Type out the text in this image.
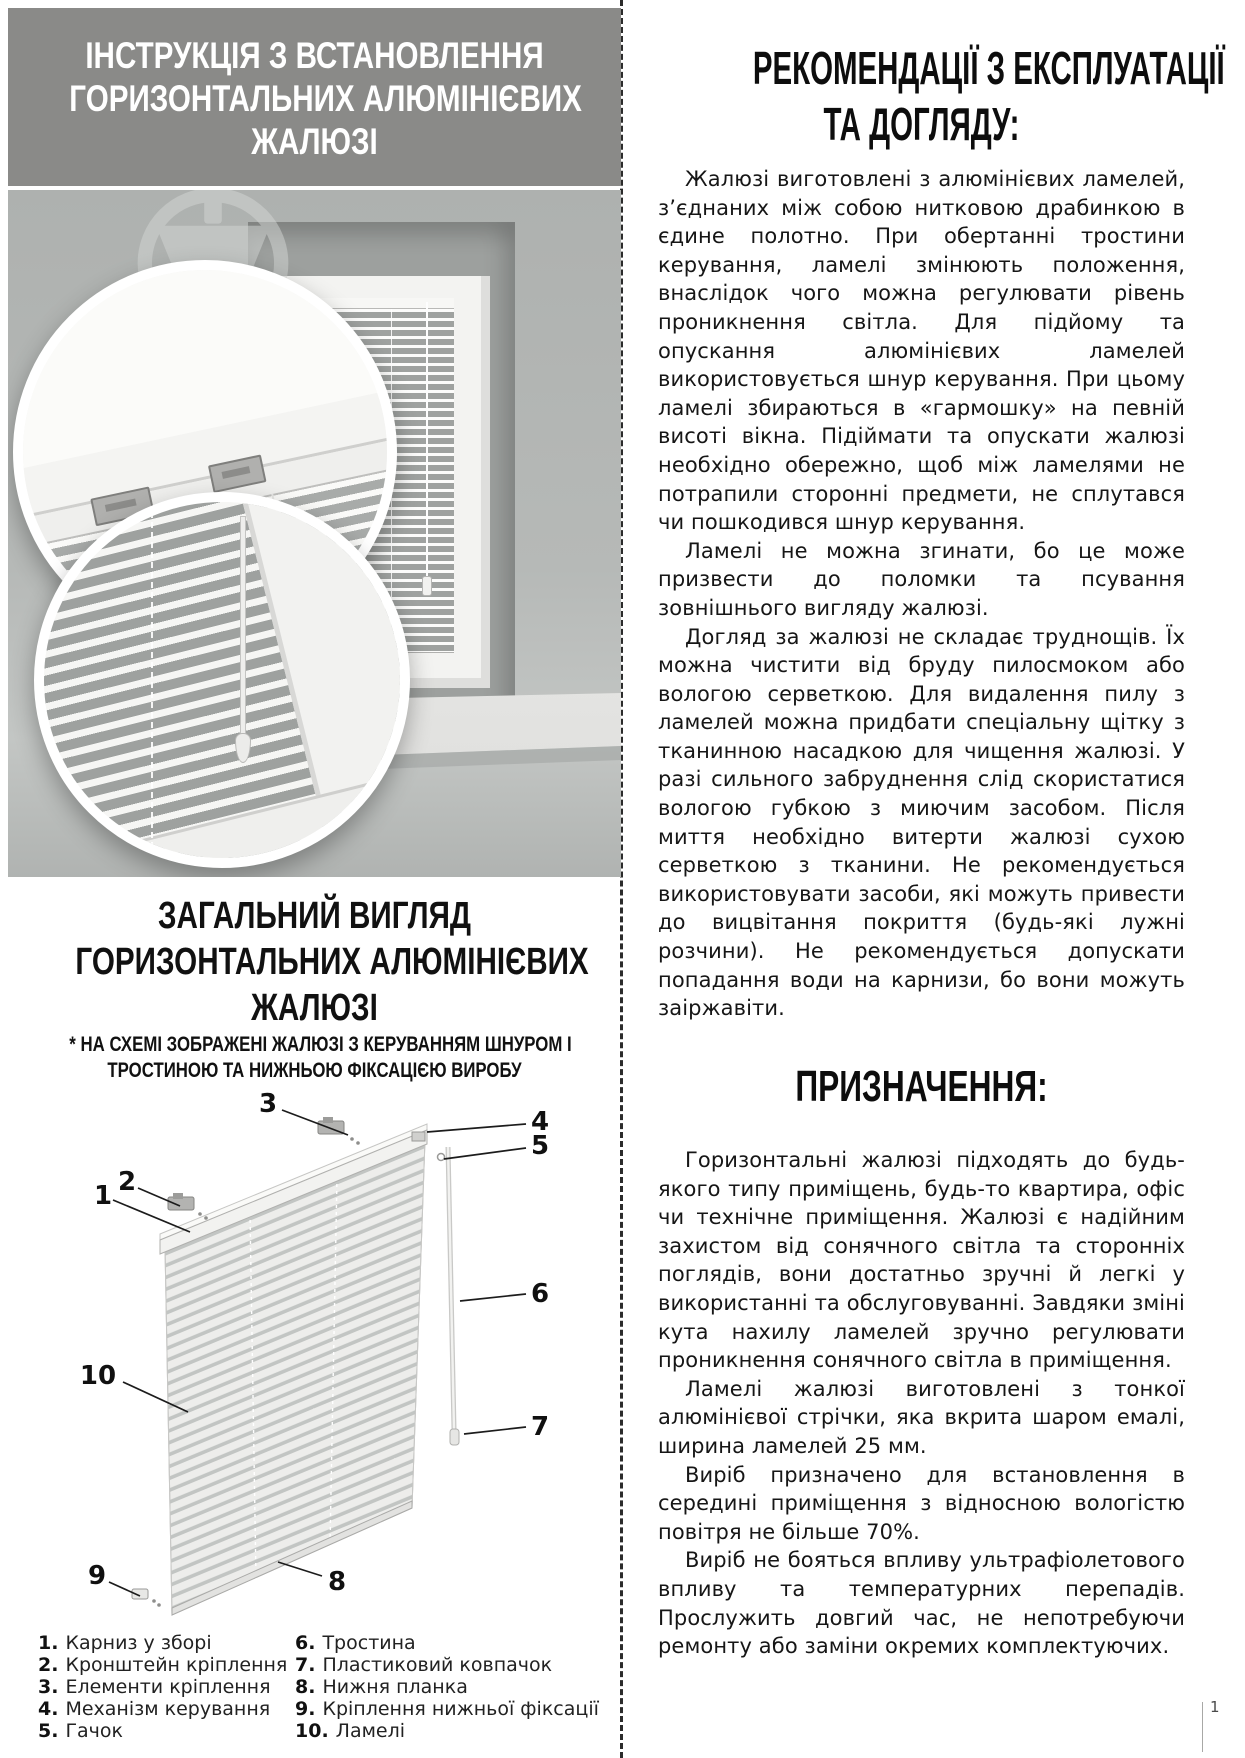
ІНСТРУКЦІЯ З ВСТАНОВЛЕННЯ
ГОРИЗОНТАЛЬНИХ АЛЮМІНІЄВИХ
ЖАЛЮЗІ
ЗАГАЛЬНИЙ ВИГЛЯД
ГОРИЗОНТАЛЬНИХ АЛЮМІНІЄВИХ
ЖАЛЮЗІ
* НА СХЕМІ ЗОБРАЖЕНІ ЖАЛЮЗІ З КЕРУВАННЯМ ШНУРОМ І
ТРОСТИНОЮ ТА НИЖНЬОЮ ФІКСАЦІЄЮ ВИРОБУ
1 2
3
4
5
6
7
8
9
10
1. Карниз у зборі
2. Кронштейн кріплення
3. Елементи кріплення
4. Механізм керування
5. Гачок
6. Тростина
7. Пластиковий ковпачок
8. Нижня планка
9. Кріплення нижньої фіксації
10. Ламелі
РЕКОМЕНДАЦІЇ З ЕКСПЛУАТАЦІЇ
ТА ДОГЛЯДУ:

Жалюзі виготовлені з алюмінієвих ламелей, з’єднаних між собою нитковою драбинкою в єдине полотно. При обертанні тростини керування, ламелі змінюють положення, внаслідок чого можна регулювати рівень проникнення світла. Для підйому та опускання алюмінієвих ламелей використовується шнур керування. При цьому ламелі збираються в «гармошку» на певній висоті вікна. Підіймати та опускати жалюзі необхідно обережно, щоб між ламелями не потрапили сторонні предмети, не сплутався чи пошкодився шнур керування.

Ламелі не можна згинати, бо це може призвести до поломки та псування зовнішнього вигляду жалюзі.

Догляд за жалюзі не складає труднощів. Їх можна чистити від бруду пилосмоком або вологою серветкою. Для видалення пилу з ламелей можна придбати спеціальну щітку з тканинною насадкою для чищення жалюзі. У разі сильного забруднення слід скористатися вологою губкою з миючим засобом. Після миття необхідно витерти жалюзі сухою серветкою з тканини. Не рекомендується використовувати засоби, які можуть привести до вицвітання покриття (будь-які лужні розчини). Не рекомендується допускати попадання води на карнизи, бо вони можуть заіржавіти.

ПРИЗНАЧЕННЯ:

Горизонтальні жалюзі підходять до будь-якого типу приміщень, будь-то квартира, офіс чи технічне приміщення. Жалюзі є надійним захистом від сонячного світла та сторонніх поглядів, вони достатньо зручні й легкі у використанні та обслуговуванні. Завдяки зміні кута нахилу ламелей зручно регулювати проникнення сонячного світла в приміщення.

Ламелі жалюзі виготовлені з тонкої алюмінієвої стрічки, яка вкрита шаром емалі, ширина ламелей 25 мм.

Виріб призначено для встановлення в середині приміщення з відносною вологістю повітря не більше 70%.

Виріб не бояться впливу ультрафіолетового впливу та температурних перепадів. Прослужить довгий час, не непотребуючи ремонту або заміни окремих комплектуючих.

1
